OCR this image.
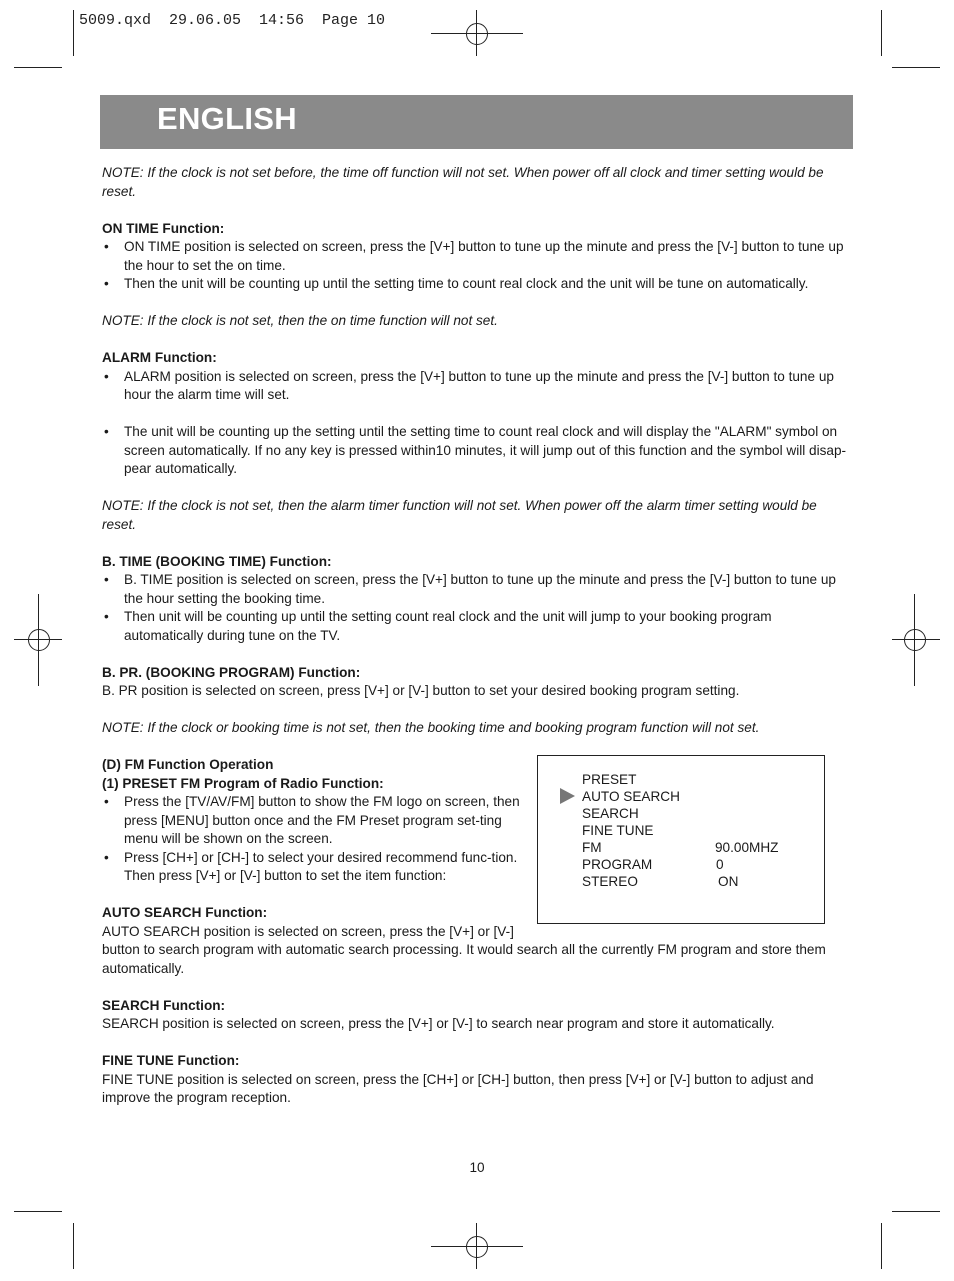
5009.qxd  29.06.05  14:56  Page 10
ENGLISH

NOTE: If the clock is not set before, the time off function will not set. When power off all clock and timer setting would be reset.

ON TIME Function:

• ON TIME position is selected on screen, press the [V+] button to tune up the minute and press the [V-] button to tune up the hour to set the on time.

• Then the unit will be counting up until the setting time to count real clock and the unit will be tune on automatically.

NOTE: If the clock is not set, then the on time function will not set.

ALARM Function:

• ALARM position is selected on screen, press the [V+] button to tune up the minute and press the [V-] button to tune up hour the alarm time will set.

• The unit will be counting up the setting until the setting time to count real clock and will display the "ALARM" symbol on screen automatically. If no any key is pressed within10 minutes, it will jump out of this function and the symbol will disap-pear automatically.

NOTE: If the clock is not set, then the alarm timer function will not set. When power off the alarm timer setting would be reset.

B. TIME (BOOKING TIME) Function:

• B. TIME position is selected on screen, press the [V+] button to tune up the minute and press the [V-] button to tune up the hour setting the booking time.

• Then unit will be counting up until the setting count real clock and the unit will jump to your booking program automatically during tune on the TV.

B. PR. (BOOKING PROGRAM) Function:

B. PR position is selected on screen, press [V+] or [V-] button to set your desired booking program setting.

NOTE: If the clock or booking time is not set, then the booking time and booking program function will not set.

(D) FM Function Operation

(1) PRESET FM Program of Radio Function:

• Press the [TV/AV/FM] button to show the FM logo on screen, then press [MENU] button once and the FM Preset program set-ting menu will be shown on the screen.

• Press [CH+] or [CH-] to select your desired recommend func-tion. Then press [V+] or [V-] button to set the item function:

AUTO SEARCH Function:

AUTO SEARCH position is selected on screen, press the [V+] or [V-]

button to search program with automatic search processing. It would search all the currently FM program and store them automatically.

SEARCH Function:

SEARCH position is selected on screen, press the [V+] or [V-] to search near program and store it automatically.

FINE TUNE Function:

FINE TUNE position is selected on screen, press the [CH+] or [CH-] button, then press [V+] or [V-] button to adjust and improve the program reception.

PRESET
AUTO SEARCH
SEARCH
FINE TUNE
FM
PROGRAM
STEREO
90.00MHZ
0
ON
10
